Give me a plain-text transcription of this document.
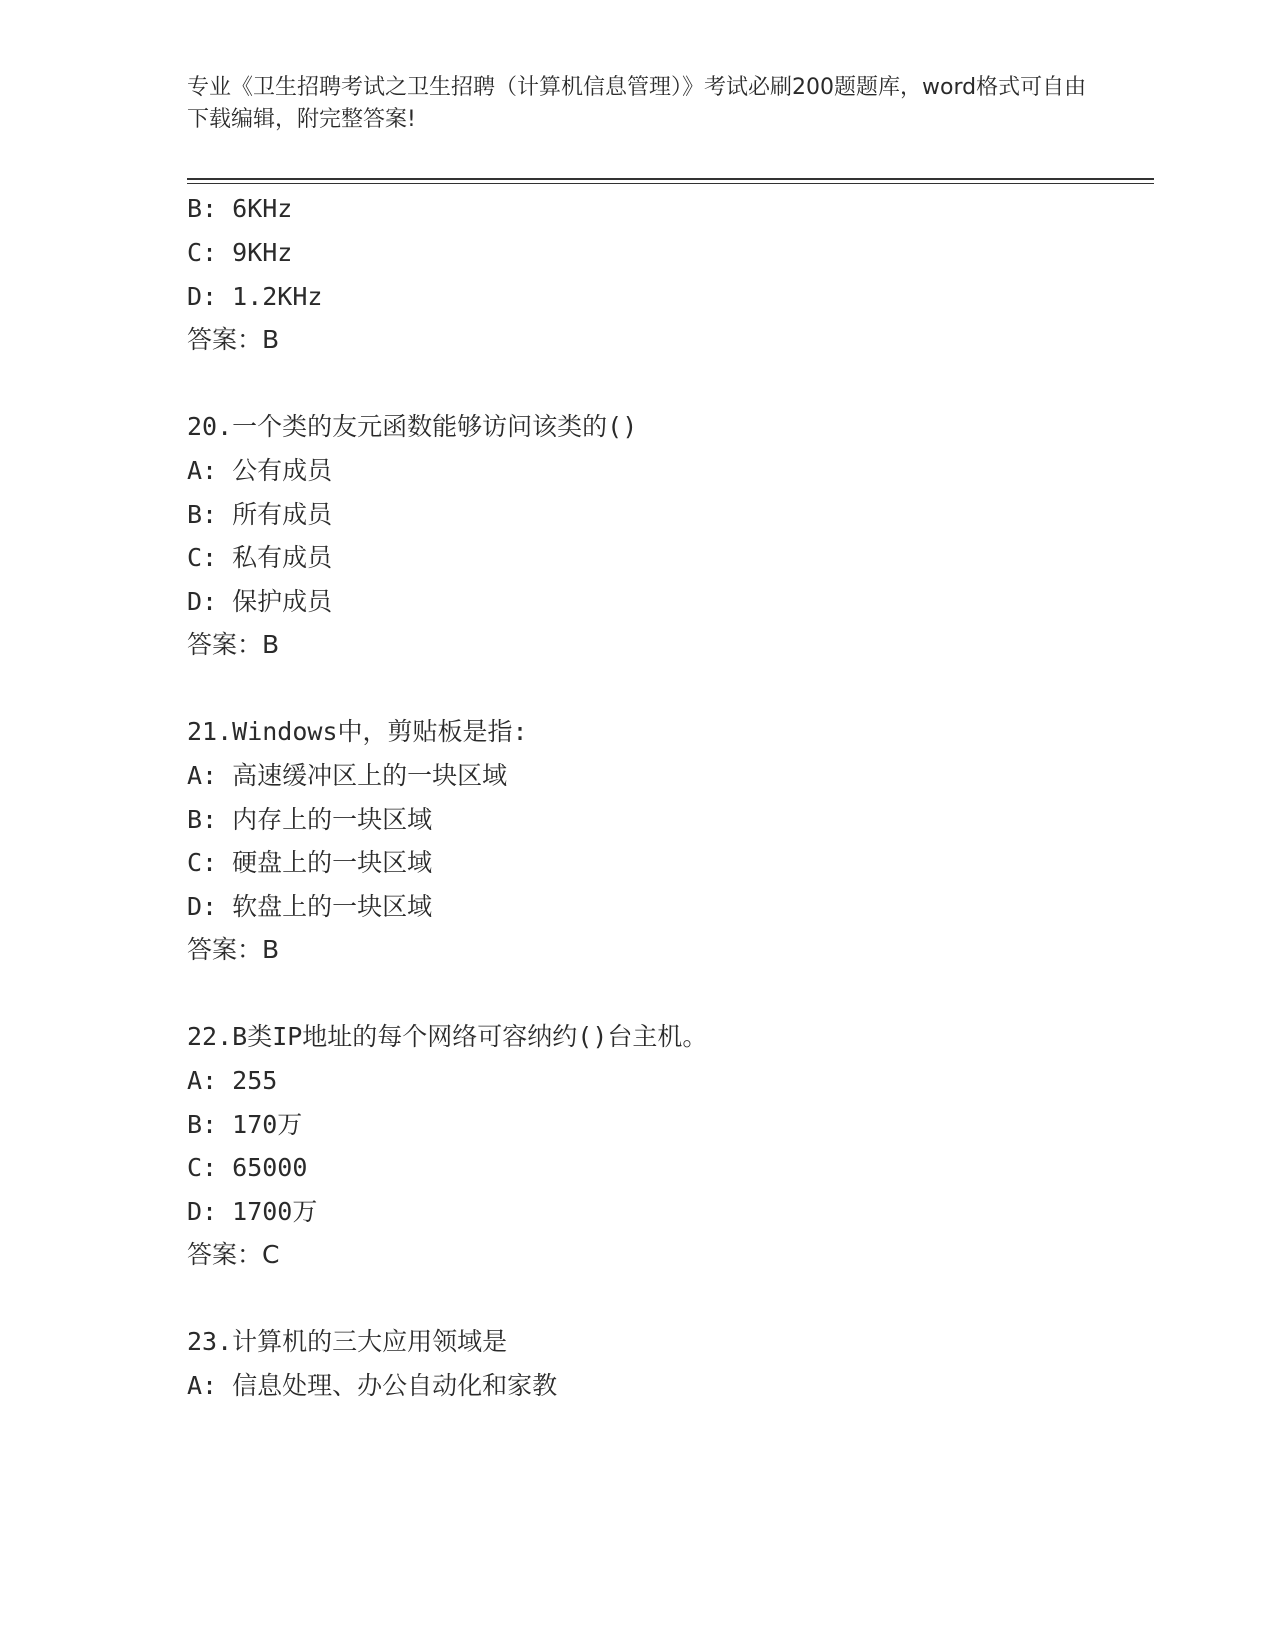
专业《卫生招聘考试之卫生招聘（计算机信息管理）》考试必刷200题题库，word格式可自由下载编辑，附完整答案!
B: 6KHz
C: 9KHz
D: 1.2KHz
答案：B
20.一个类的友元函数能够访问该类的()
A: 公有成员
B: 所有成员
C: 私有成员
D: 保护成员
答案：B
21.Windows中，剪贴板是指:
A: 高速缓冲区上的一块区域
B: 内存上的一块区域
C: 硬盘上的一块区域
D: 软盘上的一块区域
答案：B
22.B类IP地址的每个网络可容纳约()台主机。
A: 255
B: 170万
C: 65000
D: 1700万
答案：C
23.计算机的三大应用领域是
A: 信息处理、办公自动化和家教
